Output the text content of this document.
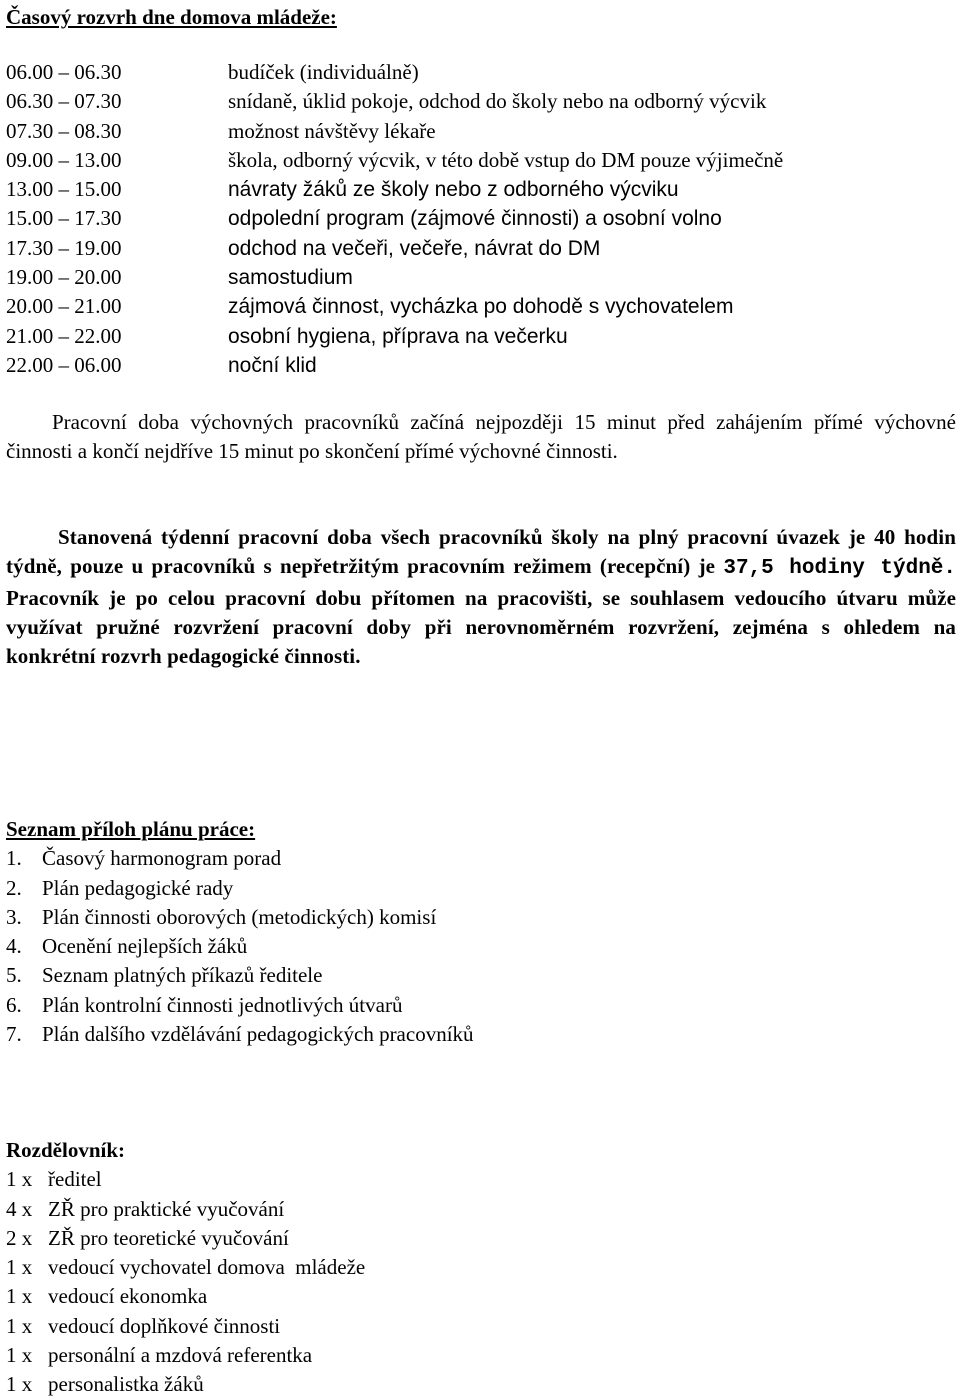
Časový rozvrh dne domova mládeže:
06.00 – 06.30	budíček (individuálně)
06.30 – 07.30	snídaně, úklid pokoje, odchod do školy nebo na odborný výcvik
07.30 – 08.30	možnost návštěvy lékaře
09.00 – 13.00	škola, odborný výcvik, v této době vstup do DM pouze výjimečně
13.00 – 15.00	návraty žáků ze školy nebo z odborného výcviku
15.00 – 17.30	odpolední program (zájmové činnosti) a osobní volno
17.30 – 19.00	odchod na večeři, večeře, návrat do DM
19.00 – 20.00	samostudium
20.00 – 21.00	zájmová činnost, vycházka po dohodě s vychovatelem
21.00 – 22.00	osobní hygiena, příprava na večerku
22.00 – 06.00	noční klid

Pracovní doba výchovných pracovníků začíná nejpozději 15 minut před zahájením přímé výchovné činnosti a končí nejdříve 15 minut po skončení přímé výchovné činnosti.

Stanovená týdenní pracovní doba všech pracovníků školy na plný pracovní úvazek je 40 hodin týdně, pouze u pracovníků s nepřetržitým pracovním režimem (recepční) je 37,5 hodiny týdně. Pracovník je po celou pracovní dobu přítomen na pracovišti, se souhlasem vedoucího útvaru může využívat pružné rozvržení pracovní doby při nerovnoměrném rozvržení, zejména s ohledem na konkrétní rozvrh pedagogické činnosti.

Seznam příloh plánu práce:
1. Časový harmonogram porad
2. Plán pedagogické rady
3. Plán činnosti oborových (metodických) komisí
4. Ocenění nejlepších žáků
5. Seznam platných příkazů ředitele
6. Plán kontrolní činnosti jednotlivých útvarů
7. Plán dalšího vzdělávání pedagogických pracovníků
Rozdělovník:
1 x ředitel
4 x ZŘ pro praktické vyučování
2 x ZŘ pro teoretické vyučování
1 x vedoucí vychovatel domova  mládeže
1 x vedoucí ekonomka
1 x vedoucí doplňkové činnosti
1 x personální a mzdová referentka
1 x personalistka žáků
